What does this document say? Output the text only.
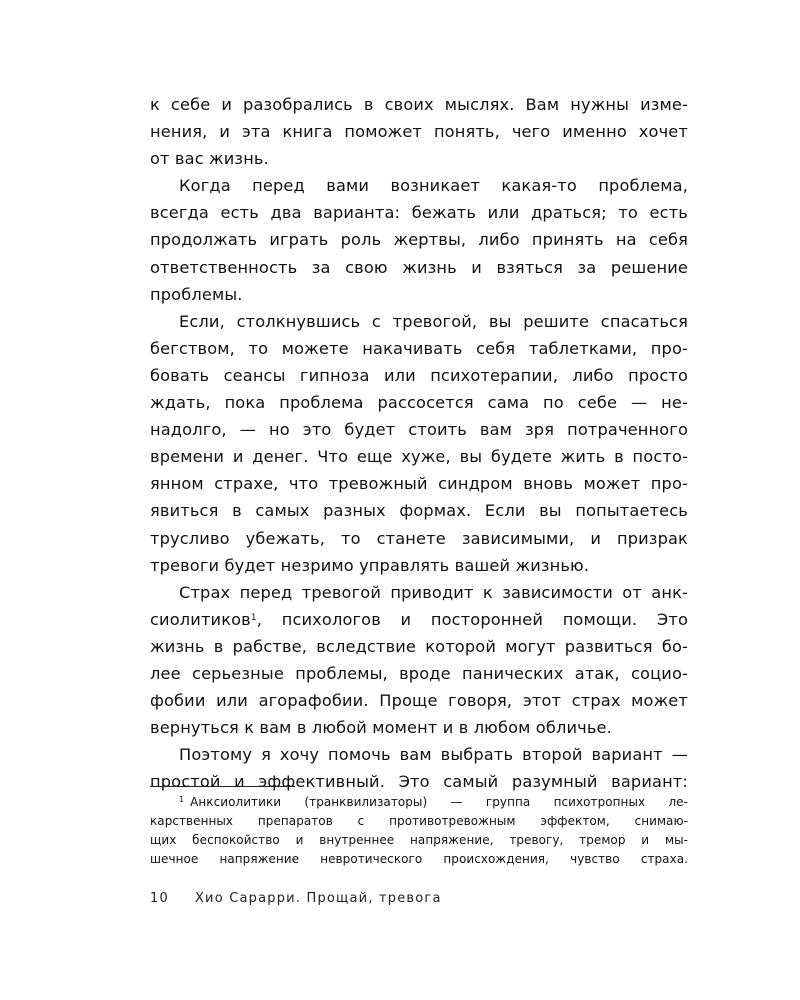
к себе и разобрались в своих мыслях. Вам нужны изме-
нения, и эта книга поможет понять, чего именно хочет
от вас жизнь.
Когда перед вами возникает какая-то проблема,
всегда есть два варианта: бежать или драться; то есть
продолжать играть роль жертвы, либо принять на себя
ответственность за свою жизнь и взяться за решение
проблемы.
Если, столкнувшись с тревогой, вы решите спасаться
бегством, то можете накачивать себя таблетками, про-
бовать сеансы гипноза или психотерапии, либо просто
ждать, пока проблема рассосется сама по себе — не-
надолго, — но это будет стоить вам зря потраченного
времени и денег. Что еще хуже, вы будете жить в посто-
янном страхе, что тревожный синдром вновь может про-
явиться в самых разных формах. Если вы попытаетесь
трусливо убежать, то станете зависимыми, и призрак
тревоги будет незримо управлять вашей жизнью.
Страх перед тревогой приводит к зависимости от анк-
сиолитиков$^1$, психологов и посторонней помощи. Это
жизнь в рабстве, вследствие которой могут развиться бо-
лее серьезные проблемы, вроде панических атак, социо-
фобии или агорафобии. Проще говоря, этот страх может
вернуться к вам в любой момент и в любом обличье.
Поэтому я хочу помочь вам выбрать второй вариант —
простой и эффективный. Это самый разумный вариант:
$^1$ Анксиолитики (транквилизаторы) — группа психотропных ле-
карственных препаратов с противотревожным эффектом, снимаю-
щих беспокойство и внутреннее напряжение, тревогу, тремор и мы-
шечное напряжение невротического происхождения, чувство страха.
10 Хио Сарарри. Прощай, тревога
